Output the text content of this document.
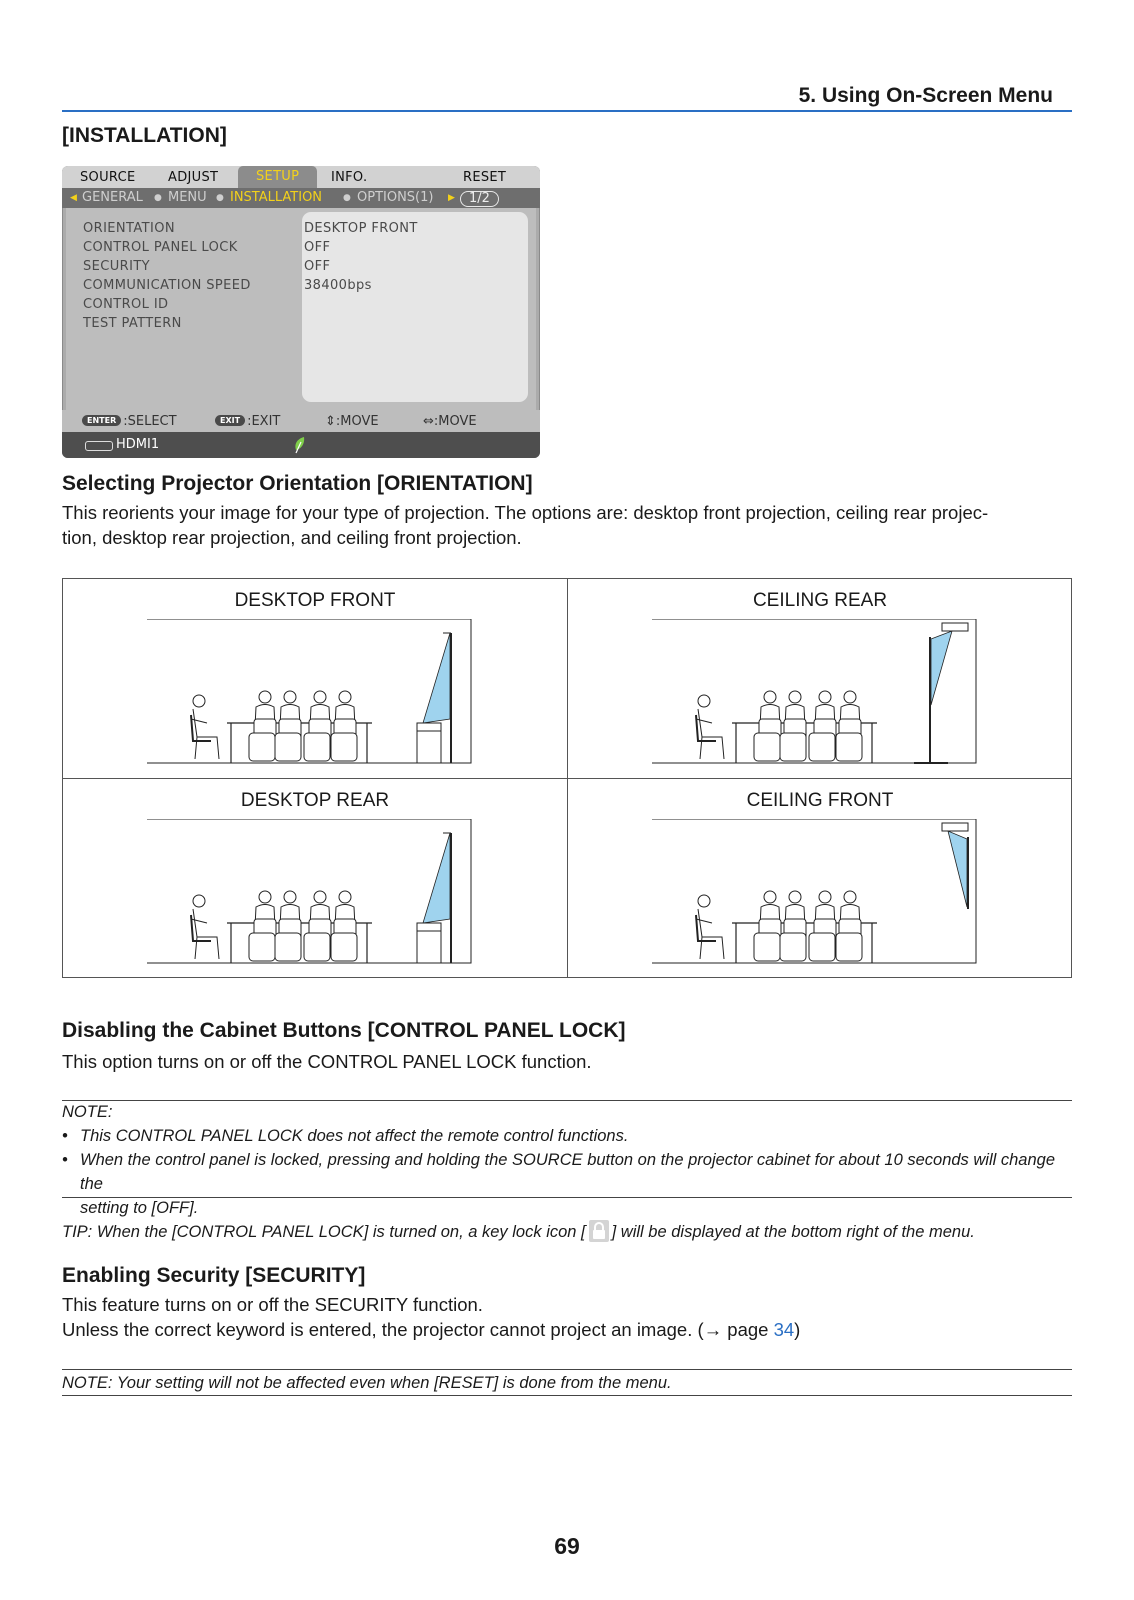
5. Using On-Screen Menu
[INSTALLATION]
SOURCE	ADJUST	SETUP	INFO.	RESET
◀ GENERAL ● MENU ● INSTALLATION ● OPTIONS(1) ▶	1/2
ORIENTATION	DESKTOP FRONT
CONTROL PANEL LOCK	OFF
SECURITY	OFF
COMMUNICATION SPEED	38400bps
CONTROL ID
TEST PATTERN
ENTER :SELECT	EXIT :EXIT	⇕:MOVE	⇔:MOVE
HDMI1
Selecting Projector Orientation [ORIENTATION]
This reorients your image for your type of projection. The options are: desktop front projection, ceiling rear projec-
tion, desktop rear projection, and ceiling front projection.
DESKTOP FRONT	CEILING REAR
DESKTOP REAR	CEILING FRONT
Disabling the Cabinet Buttons [CONTROL PANEL LOCK]
This option turns on or off the CONTROL PANEL LOCK function.
NOTE:
• This CONTROL PANEL LOCK does not affect the remote control functions.
• When the control panel is locked, pressing and holding the SOURCE button on the projector cabinet for about 10 seconds will change the
setting to [OFF].
TIP: When the [CONTROL PANEL LOCK] is turned on, a key lock icon [ ] will be displayed at the bottom right of the menu.
Enabling Security [SECURITY]
This feature turns on or off the SECURITY function.
Unless the correct keyword is entered, the projector cannot project an image. (→ page 34)
NOTE: Your setting will not be affected even when [RESET] is done from the menu.
69
